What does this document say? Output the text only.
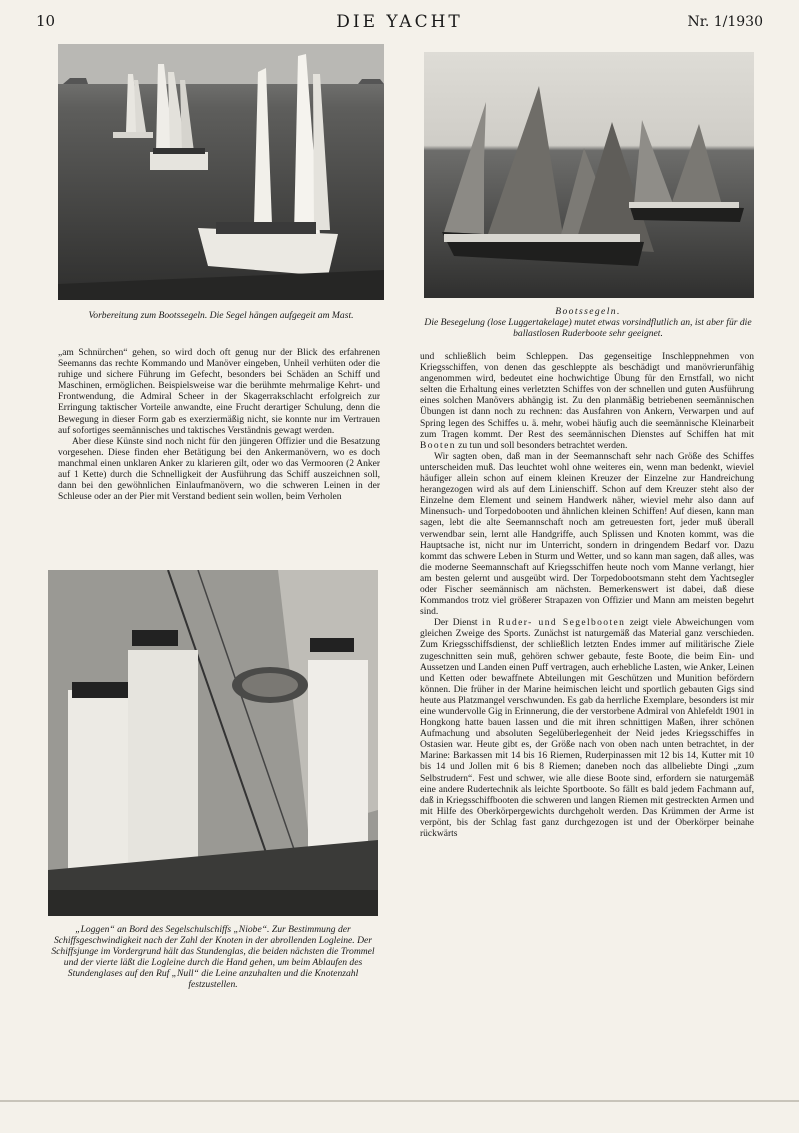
10	DIE YACHT	Nr. 1/1930
Vorbereitung zum Bootssegeln. Die Segel hängen aufgegeit am Mast.	Bootssegeln.
Die Besegelung (lose Luggertakelage) mutet etwas vorsindflutlich an, ist aber für die ballastlosen Ruderboote sehr geeignet.

„am Schnürchen“ gehen, so wird doch oft genug nur der Blick des erfahrenen Seemanns das rechte Kommando und Manöver eingeben, Unheil verhüten oder die ruhige und sichere Führung im Gefecht, besonders bei Schäden an Schiff und Maschinen, ermöglichen. Beispielsweise war die berühmte mehrmalige Kehrt- und Frontwendung, die Admiral Scheer in der Skagerrakschlacht erfolgreich zur Erringung taktischer Vorteile anwandte, eine Frucht derartiger Schulung, denn die Bewegung in dieser Form gab es exerziermäßig nicht, sie konnte nur im Vertrauen auf sofortiges seemännisches und taktisches Verständnis gewagt werden.

Aber diese Künste sind noch nicht für den jüngeren Offizier und die Besatzung vorgesehen. Diese finden eher Betätigung bei den Ankermanövern, wo es doch manchmal einen unklaren Anker zu klarieren gilt, oder wo das Vermooren (2 Anker auf 1 Kette) durch die Schnelligkeit der Ausführung das Schiff auszeichnen soll, dann bei den gewöhnlichen Einlaufmanövern, wo die schweren Leinen in der Schleuse oder an der Pier mit Verstand bedient sein wollen, beim Verholen

„Loggen“ an Bord des Segelschulschiffs „Niobe“. Zur Bestimmung der Schiffsgeschwindigkeit nach der Zahl der Knoten in der abrollenden Logleine. Der Schiffsjunge im Vordergrund hält das Stundenglas, die beiden nächsten die Trommel und der vierte läßt die Logleine durch die Hand gehen, um beim Ablaufen des Stundenglases auf den Ruf „Null“ die Leine anzuhalten und die Knotenzahl festzustellen.

und schließlich beim Schleppen. Das gegenseitige Inschleppnehmen von Kriegsschiffen, von denen das geschleppte als beschädigt und manövrierunfähig angenommen wird, bedeutet eine hochwichtige Übung für den Ernstfall, wo nicht selten die Erhaltung eines verletzten Schiffes von der schnellen und guten Ausführung eines solchen Manövers abhängig ist. Zu den planmäßig betriebenen seemännischen Übungen ist dann noch zu rechnen: das Ausfahren von Ankern, Verwarpen und auf Spring legen des Schiffes u. ä. mehr, wobei häufig auch die seemännische Kleinarbeit zum Tragen kommt. Der Rest des seemännischen Dienstes auf Schiffen hat mit Booten zu tun und soll besonders betrachtet werden.

Wir sagten oben, daß man in der Seemannschaft sehr nach Größe des Schiffes unterscheiden muß. Das leuchtet wohl ohne weiteres ein, wenn man bedenkt, wieviel häufiger allein schon auf einem kleinen Kreuzer der Einzelne zur Handreichung herangezogen wird als auf dem Linienschiff. Schon auf dem Kreuzer steht also der Einzelne dem Element und seinem Handwerk näher, wieviel mehr also dann auf Minensuch- und Torpedobooten und ähnlichen kleinen Schiffen! Auf diesen, kann man sagen, lebt die alte Seemannschaft noch am getreuesten fort, jeder muß überall verwendbar sein, lernt alle Handgriffe, auch Splissen und Knoten kommt, was die Hauptsache ist, nicht nur im Unterricht, sondern in dringendem Bedarf vor. Dazu kommt das schwere Leben in Sturm und Wetter, und so kann man sagen, daß alles, was die moderne Seemannschaft auf Kriegsschiffen heute noch vom Manne verlangt, hier am besten gelernt und ausgeübt wird. Der Torpedobootsmann steht dem Yachtsegler oder Fischer seemännisch am nächsten. Bemerkenswert ist dabei, daß diese Kommandos trotz viel größerer Strapazen von Offizier und Mann am meisten begehrt sind.

Der Dienst in Ruder- und Segelbooten zeigt viele Abweichungen vom gleichen Zweige des Sports. Zunächst ist naturgemäß das Material ganz verschieden. Zum Kriegsschiffsdienst, der schließlich letzten Endes immer auf militärische Ziele zugeschnitten sein muß, gehören schwer gebaute, feste Boote, die beim Ein- und Aussetzen und Landen einen Puff vertragen, auch erhebliche Lasten, wie Anker, Leinen und Ketten oder bewaffnete Abteilungen mit Geschützen und Munition befördern können. Die früher in der Marine heimischen leicht und sportlich gebauten Gigs sind heute aus Platzmangel verschwunden. Es gab da herrliche Exemplare, besonders ist mir eine wundervolle Gig in Erinnerung, die der verstorbene Admiral von Ahlefeldt 1901 in Hongkong hatte bauen lassen und die mit ihren schnittigen Maßen, ihrer schönen Aufmachung und absoluten Segelüberlegenheit der Neid jedes Kriegsschiffes in Ostasien war. Heute gibt es, der Größe nach von oben nach unten betrachtet, in der Marine: Barkassen mit 14 bis 16 Riemen, Ruderpinassen mit 12 bis 14, Kutter mit 10 bis 14 und Jollen mit 6 bis 8 Riemen; daneben noch das allbeliebte Dingi „zum Selbstrudern“. Fest und schwer, wie alle diese Boote sind, erfordern sie naturgemäß eine andere Rudertechnik als leichte Sportboote. So fällt es bald jedem Fachmann auf, daß in Kriegsschiffbooten die schweren und langen Riemen mit gestreckten Armen und mit Hilfe des Oberkörpergewichts durchgeholt werden. Das Krümmen der Arme ist verpönt, bis der Schlag fast ganz durchgezogen ist und der Oberkörper beinahe rückwärts
